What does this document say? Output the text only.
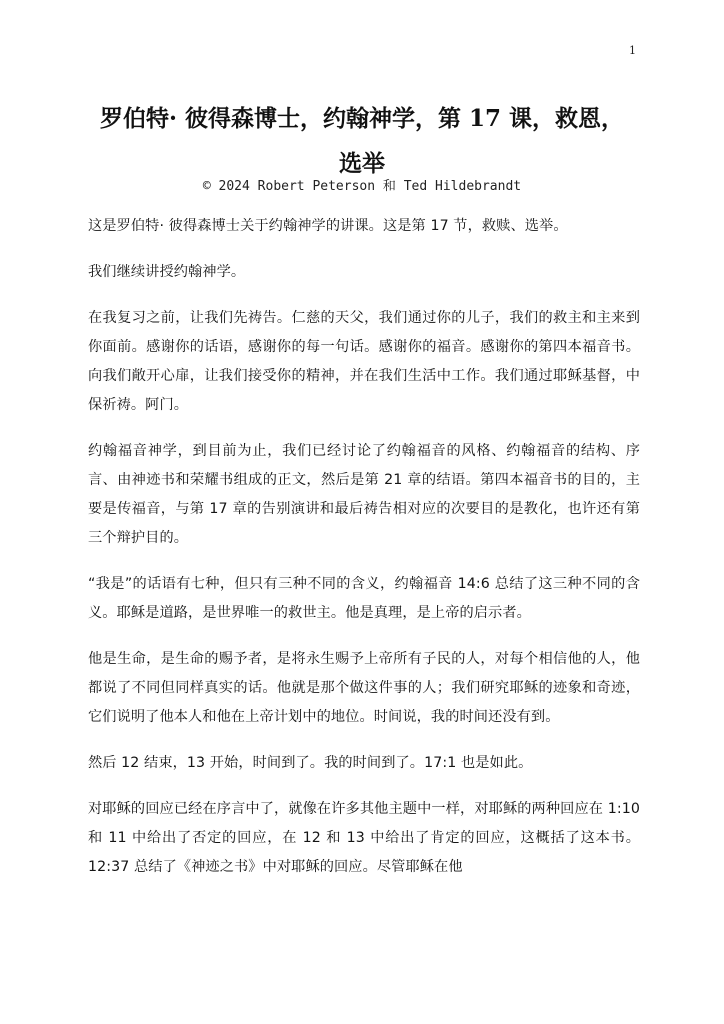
1
罗伯特· 彼得森博士，约翰神学，第 17 课，救恩，选举
© 2024 Robert Peterson 和 Ted Hildebrandt

这是罗伯特· 彼得森博士关于约翰神学的讲课。这是第 17 节，救赎、选举。

我们继续讲授约翰神学。

在我复习之前，让我们先祷告。仁慈的天父，我们通过你的儿子，我们的救主和主来到你面前。感谢你的话语，感谢你的每一句话。感谢你的福音。感谢你的第四本福音书。向我们敞开心扉，让我们接受你的精神，并在我们生活中工作。我们通过耶稣基督，中保祈祷。阿门。

约翰福音神学，到目前为止，我们已经讨论了约翰福音的风格、约翰福音的结构、序言、由神迹书和荣耀书组成的正文，然后是第 21 章的结语。第四本福音书的目的，主要是传福音，与第 17 章的告别演讲和最后祷告相对应的次要目的是教化，也许还有第三个辩护目的。

“我是”的话语有七种，但只有三种不同的含义，约翰福音 14:6 总结了这三种不同的含义。耶稣是道路，是世界唯一的救世主。他是真理，是上帝的启示者。

他是生命，是生命的赐予者，是将永生赐予上帝所有子民的人，对每个相信他的人，他都说了不同但同样真实的话。他就是那个做这件事的人；我们研究耶稣的迹象和奇迹，它们说明了他本人和他在上帝计划中的地位。时间说，我的时间还没有到。

然后 12 结束，13 开始，时间到了。我的时间到了。17:1 也是如此。

对耶稣的回应已经在序言中了，就像在许多其他主题中一样，对耶稣的两种回应在 1:10 和 11 中给出了否定的回应，在 12 和 13 中给出了肯定的回应，这概括了这本书。12:37 总结了《神迹之书》中对耶稣的回应。尽管耶稣在他
